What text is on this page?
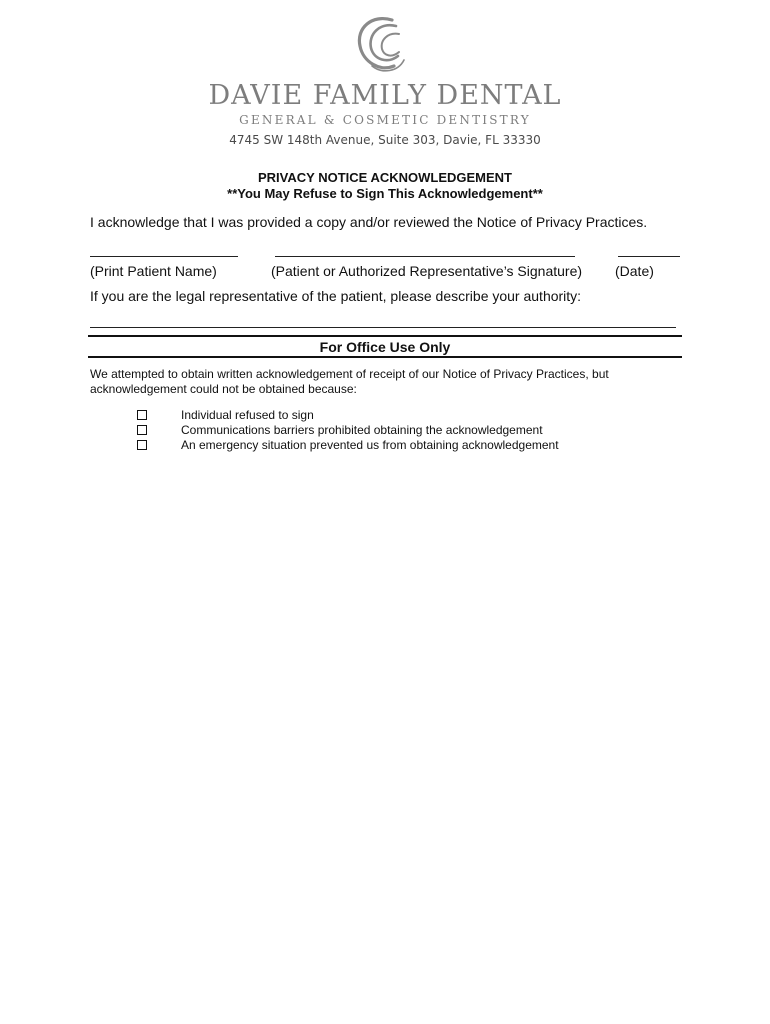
DAVIE FAMILY DENTAL
GENERAL & COSMETIC DENTISTRY
4745 SW 148th Avenue, Suite 303, Davie, FL 33330
PRIVACY NOTICE ACKNOWLEDGEMENT
**You May Refuse to Sign This Acknowledgement**
I acknowledge that I was provided a copy and/or reviewed the Notice of Privacy Practices.
(Print Patient Name)	(Patient or Authorized Representative’s Signature) (Date)
If you are the legal representative of the patient, please describe your authority:
For Office Use Only
We attempted to obtain written acknowledgement of receipt of our Notice of Privacy Practices, but acknowledgement could not be obtained because:
Individual refused to sign
Communications barriers prohibited obtaining the acknowledgement
An emergency situation prevented us from obtaining acknowledgement
